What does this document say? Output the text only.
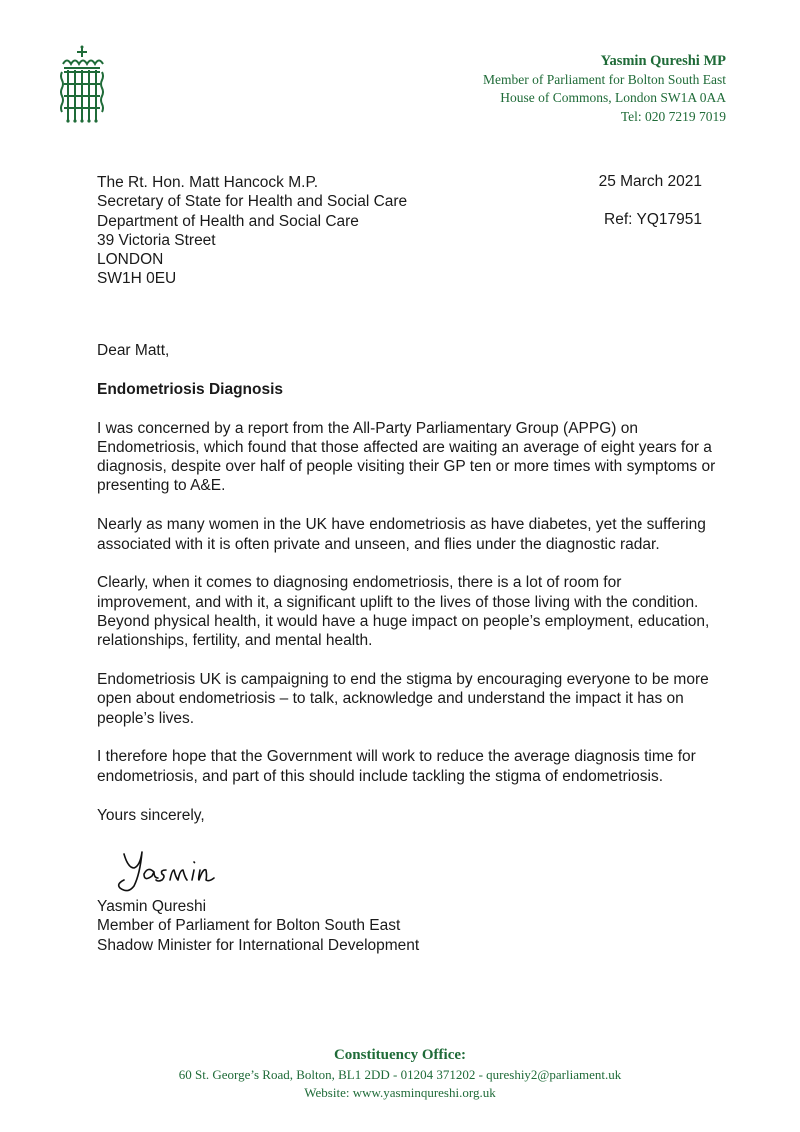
Yasmin Qureshi MP
Member of Parliament for Bolton South East
House of Commons, London SW1A 0AA
Tel: 020 7219 7019
The Rt. Hon. Matt Hancock M.P.
Secretary of State for Health and Social Care
Department of Health and Social Care
39 Victoria Street
LONDON
SW1H 0EU
25 March 2021
Ref: YQ17951

Dear Matt,

Endometriosis Diagnosis

I was concerned by a report from the All-Party Parliamentary Group (APPG) on Endometriosis, which found that those affected are waiting an average of eight years for a diagnosis, despite over half of people visiting their GP ten or more times with symptoms or presenting to A&E.

Nearly as many women in the UK have endometriosis as have diabetes, yet the suffering associated with it is often private and unseen, and flies under the diagnostic radar.

Clearly, when it comes to diagnosing endometriosis, there is a lot of room for improvement, and with it, a significant uplift to the lives of those living with the condition. Beyond physical health, it would have a huge impact on people’s employment, education, relationships, fertility, and mental health.

Endometriosis UK is campaigning to end the stigma by encouraging everyone to be more open about endometriosis – to talk, acknowledge and understand the impact it has on people’s lives.

I therefore hope that the Government will work to reduce the average diagnosis time for endometriosis, and part of this should include tackling the stigma of endometriosis.

Yours sincerely,

Yasmin Qureshi
Member of Parliament for Bolton South East
Shadow Minister for International Development
Constituency Office:
60 St. George’s Road, Bolton, BL1 2DD - 01204 371202 - qureshiy2@parliament.uk
Website: www.yasminqureshi.org.uk
